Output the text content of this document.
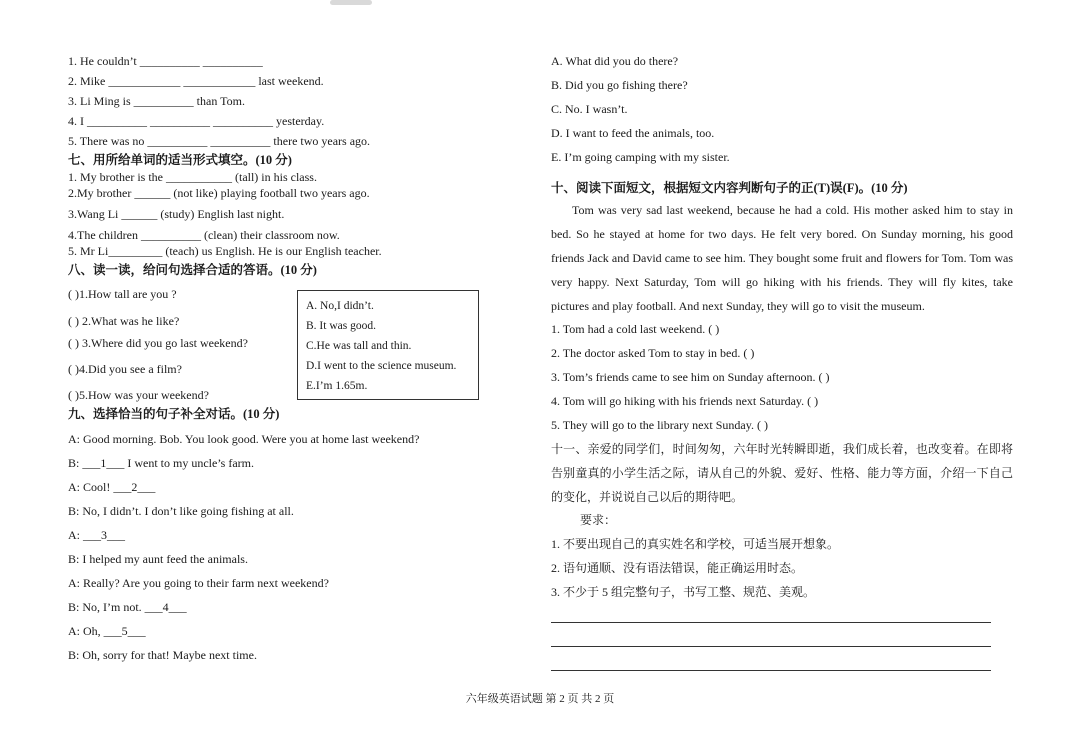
1. He couldn’t __________ __________
2. Mike ____________ ____________ last weekend.
3. Li Ming is __________ than Tom.
4. I __________ __________ __________ yesterday.
5. There was no __________ __________ there two years ago.
七、用所给单词的适当形式填空。(10 分)
1. My brother is the ___________ (tall) in his class.
2.My brother ______ (not like) playing football two years ago.
3.Wang Li ______ (study) English last night.
4.The children __________ (clean) their classroom now.
5. Mr Li_________ (teach) us English. He is our English teacher.
八、读一读，给问句选择合适的答语。(10 分)
( )1.How tall are you ?
( ) 2.What was he like?
( ) 3.Where did you go last weekend?
( )4.Did you see a film?
( )5.How was your weekend?
A. No,I didn’t.
B. It was good.
C.He was tall and thin.
D.I went to the science museum.
E.I’m 1.65m.
九、选择恰当的句子补全对话。(10 分)
A: Good morning. Bob. You look good. Were you at home last weekend?
B: ___1___ I went to my uncle’s farm.
A: Cool! ___2___
B: No, I didn’t. I don’t like going fishing at all.
A: ___3___
B: I helped my aunt feed the animals.
A: Really? Are you going to their farm next weekend?
B: No, I’m not. ___4___
A: Oh, ___5___
B: Oh, sorry for that! Maybe next time.
A. What did you do there?
B. Did you go fishing there?
C. No. I wasn’t.
D. I want to feed the animals, too.
E. I’m going camping with my sister.
十、阅读下面短文，根据短文内容判断句子的正(T)误(F)。(10 分)
Tom was very sad last weekend, because he had a cold. His mother asked him to stay in bed. So he stayed at home for two days. He felt very bored. On Sunday morning, his good friends Jack and David came to see him. They bought some fruit and flowers for Tom. Tom was very happy. Next Saturday, Tom will go hiking with his friends. They will fly kites, take pictures and play football. And next Sunday, they will go to visit the museum.
1. Tom had a cold last weekend. ( )
2. The doctor asked Tom to stay in bed. ( )
3. Tom’s friends came to see him on Sunday afternoon. ( )
4. Tom will go hiking with his friends next Saturday. ( )
5. They will go to the library next Sunday. ( )
十一、亲爱的同学们，时间匆匆，六年时光转瞬即逝，我们成长着，也改变着。在即将告别童真的小学生活之际，请从自己的外貌、爱好、性格、能力等方面，介绍一下自己的变化，并说说自己以后的期待吧。
要求：
1. 不要出现自己的真实姓名和学校，可适当展开想象。
2. 语句通顺、没有语法错误，能正确运用时态。
3. 不少于 5 组完整句子，书写工整、规范、美观。
六年级英语试题 第 2 页 共 2 页
